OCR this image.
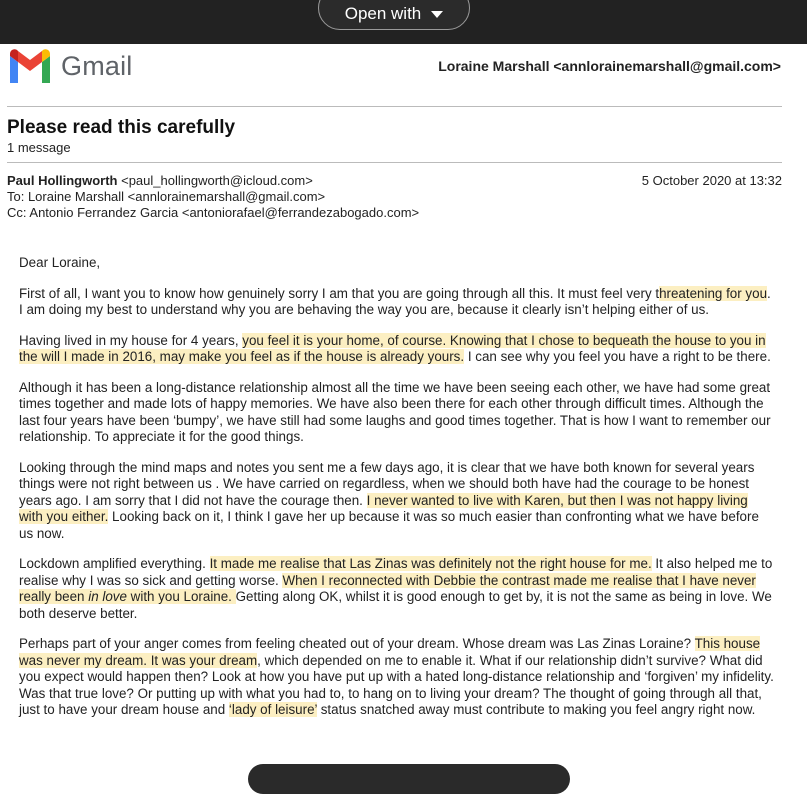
Open with
Gmail	Loraine Marshall <annlorainemarshall@gmail.com>
Please read this carefully
1 message
Paul Hollingworth <paul_hollingworth@icloud.com>
To: Loraine Marshall <annlorainemarshall@gmail.com>
Cc: Antonio Ferrandez Garcia <antoniorafael@ferrandezabogado.com>
5 October 2020 at 13:32

Dear Loraine,

First of all, I want you to know how genuinely sorry I am that you are going through all this. It must feel very threatening for you. I am doing my best to understand why you are behaving the way you are, because it clearly isn’t helping either of us.

Having lived in my house for 4 years, you feel it is your home, of course. Knowing that I chose to bequeath the house to you in the will I made in 2016, may make you feel as if the house is already yours. I can see why you feel you have a right to be there.

Although it has been a long-distance relationship almost all the time we have been seeing each other, we have had some great times together and made lots of happy memories. We have also been there for each other through difficult times. Although the last four years have been ‘bumpy’, we have still had some laughs and good times together. That is how I want to remember our relationship. To appreciate it for the good things.

Looking through the mind maps and notes you sent me a few days ago, it is clear that we have both known for several years things were not right between us . We have carried on regardless, when we should both have had the courage to be honest years ago. I am sorry that I did not have the courage then. I never wanted to live with Karen, but then I was not happy living with you either. Looking back on it, I think I gave her up because it was so much easier than confronting what we have before us now.

Lockdown amplified everything. It made me realise that Las Zinas was definitely not the right house for me. It also helped me to realise why I was so sick and getting worse. When I reconnected with Debbie the contrast made me realise that I have never really been in love with you Loraine. Getting along OK, whilst it is good enough to get by, it is not the same as being in love. We both deserve better.

Perhaps part of your anger comes from feeling cheated out of your dream. Whose dream was Las Zinas Loraine? This house was never my dream. It was your dream, which depended on me to enable it. What if our relationship didn’t survive? What did you expect would happen then? Look at how you have put up with a hated long-distance relationship and ‘forgiven’ my infidelity. Was that true love? Or putting up with what you had to, to hang on to living your dream? The thought of going through all that, just to have your dream house and ‘lady of leisure’ status snatched away must contribute to making you feel angry right now.
